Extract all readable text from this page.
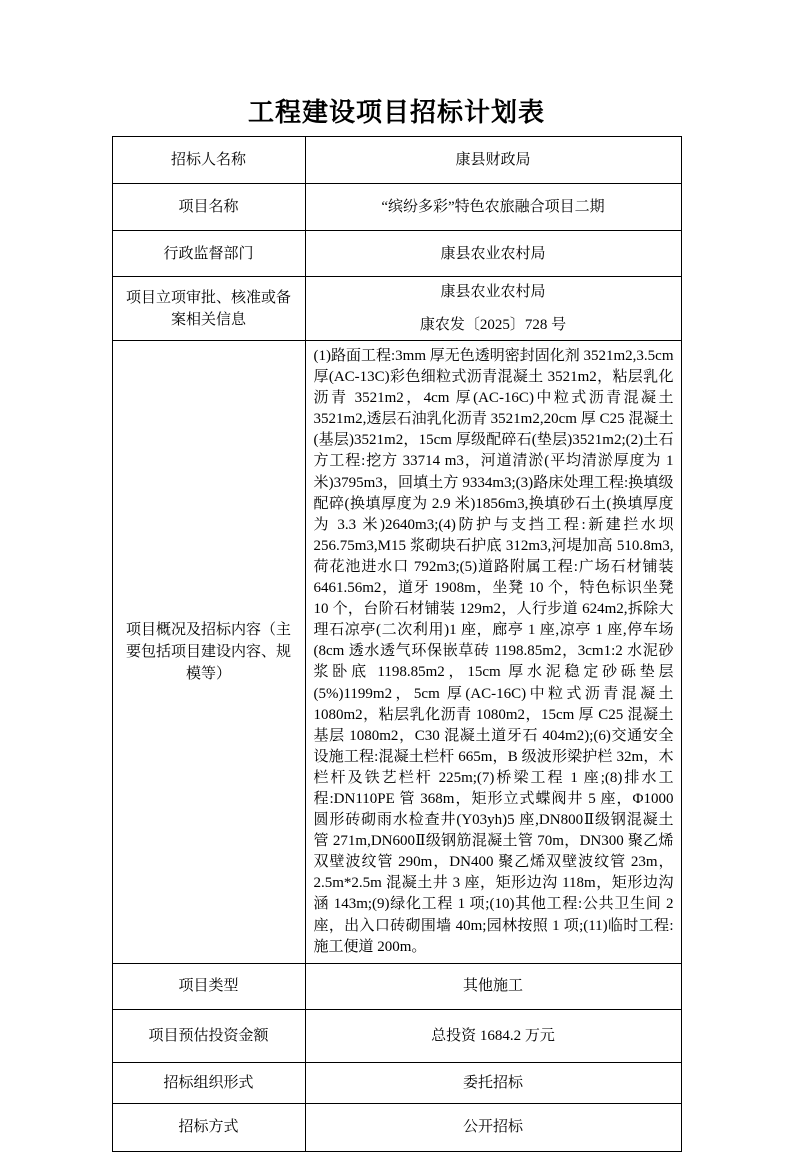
工程建设项目招标计划表
招标人名称	康县财政局
项目名称	“缤纷多彩”特色农旅融合项目二期
行政监督部门	康县农业农村局
项目立项审批、核准或备案相关信息	康县农业农村局
康农发〔2025〕728 号

项目概况及招标内容（主要包括项目建设内容、规模等）	(1)路面工程:3mm 厚无色透明密封固化剂 3521m2,3.5cm 厚(AC-13C)彩色细粒式沥青混凝土 3521m2，粘层乳化沥青 3521m2，4cm 厚(AC-16C)中粒式沥青混凝土 3521m2,透层石油乳化沥青 3521m2,20cm 厚 C25 混凝土(基层)3521m2，15cm 厚级配碎石(垫层)3521m2;(2)土石方工程:挖方 33714 m3，河道清淤(平均清淤厚度为 1 米)3795m3，回填土方 9334m3;(3)路床处理工程:换填级配碎(换填厚度为 2.9 米)1856m3,换填砂石土(换填厚度为 3.3 米)2640m3;(4)防护与支挡工程:新建拦水坝 256.75m3,M15 浆砌块石护底 312m3,河堤加高 510.8m3,荷花池进水口 792m3;(5)道路附属工程:广场石材铺装 6461.56m2，道牙 1908m，坐凳 10 个，特色标识坐凳 10 个，台阶石材铺装 129m2，人行步道 624m2,拆除大理石凉亭(二次利用)1 座，廊亭 1 座,凉亭 1 座,停车场(8cm 透水透气环保嵌草砖 1198.85m2，3cm1:2 水泥砂浆卧底 1198.85m2，15cm 厚水泥稳定砂砾垫层(5%)1199m2，5cm 厚(AC-16C)中粒式沥青混凝土 1080m2，粘层乳化沥青 1080m2，15cm 厚 C25 混凝土基层 1080m2，C30 混凝土道牙石 404m2);(6)交通安全设施工程:混凝土栏杆 665m，B 级波形梁护栏 32m，木栏杆及铁艺栏杆 225m;(7)桥梁工程 1 座;(8)排水工程:DN110PE 管 368m，矩形立式蝶阀井 5 座，Φ1000 圆形砖砌雨水检查井(Y03yh)5 座,DN800Ⅱ级钢混凝土管 271m,DN600Ⅱ级钢筋混凝土管 70m，DN300 聚乙烯双壁波纹管 290m，DN400 聚乙烯双壁波纹管 23m，2.5m*2.5m 混凝土井 3 座，矩形边沟 118m，矩形边沟涵 143m;(9)绿化工程 1 项;(10)其他工程:公共卫生间 2 座，出入口砖砌围墙 40m;园林按照 1 项;(11)临时工程:施工便道 200m。
项目类型	其他施工
项目预估投资金额	总投资 1684.2 万元
招标组织形式	委托招标
招标方式	公开招标
